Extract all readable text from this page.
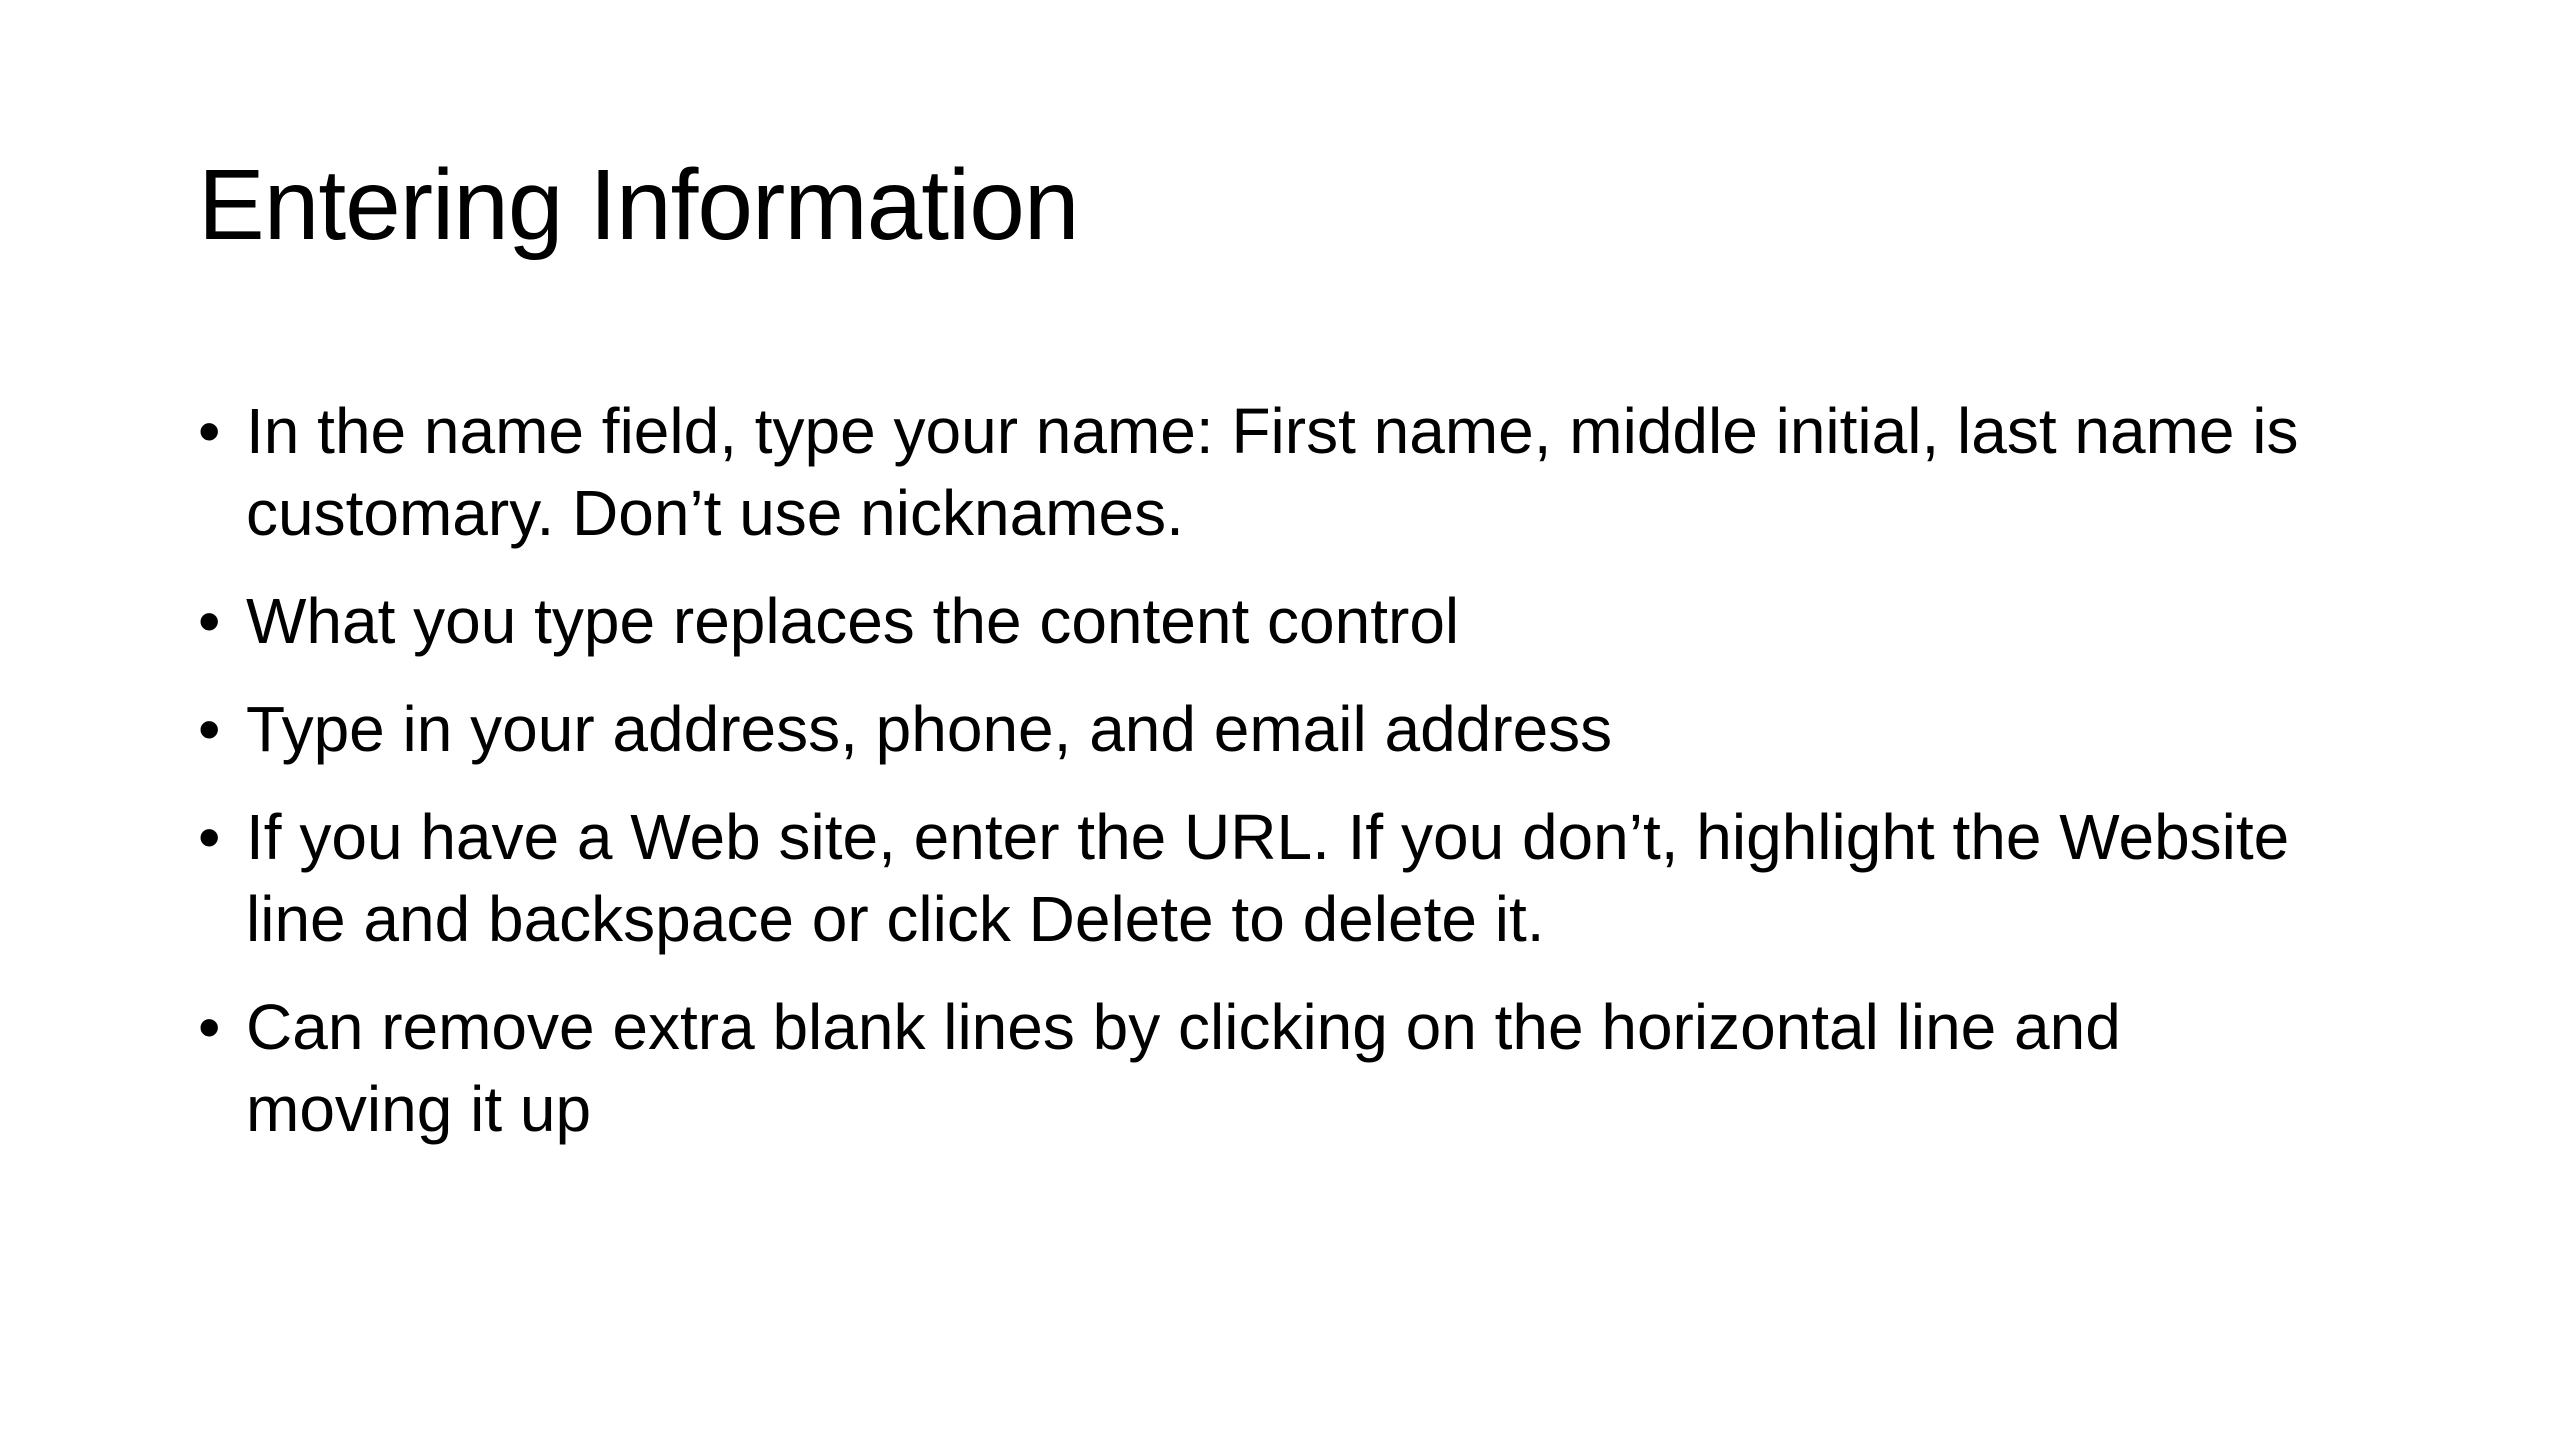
Entering Information
• In the name field, type your name: First name, middle initial, last name is customary. Don’t use nicknames.
• What you type replaces the content control
• Type in your address, phone, and email address
• If you have a Web site, enter the URL. If you don’t, highlight the Website line and backspace or click Delete to delete it.
• Can remove extra blank lines by clicking on the horizontal line and moving it up
